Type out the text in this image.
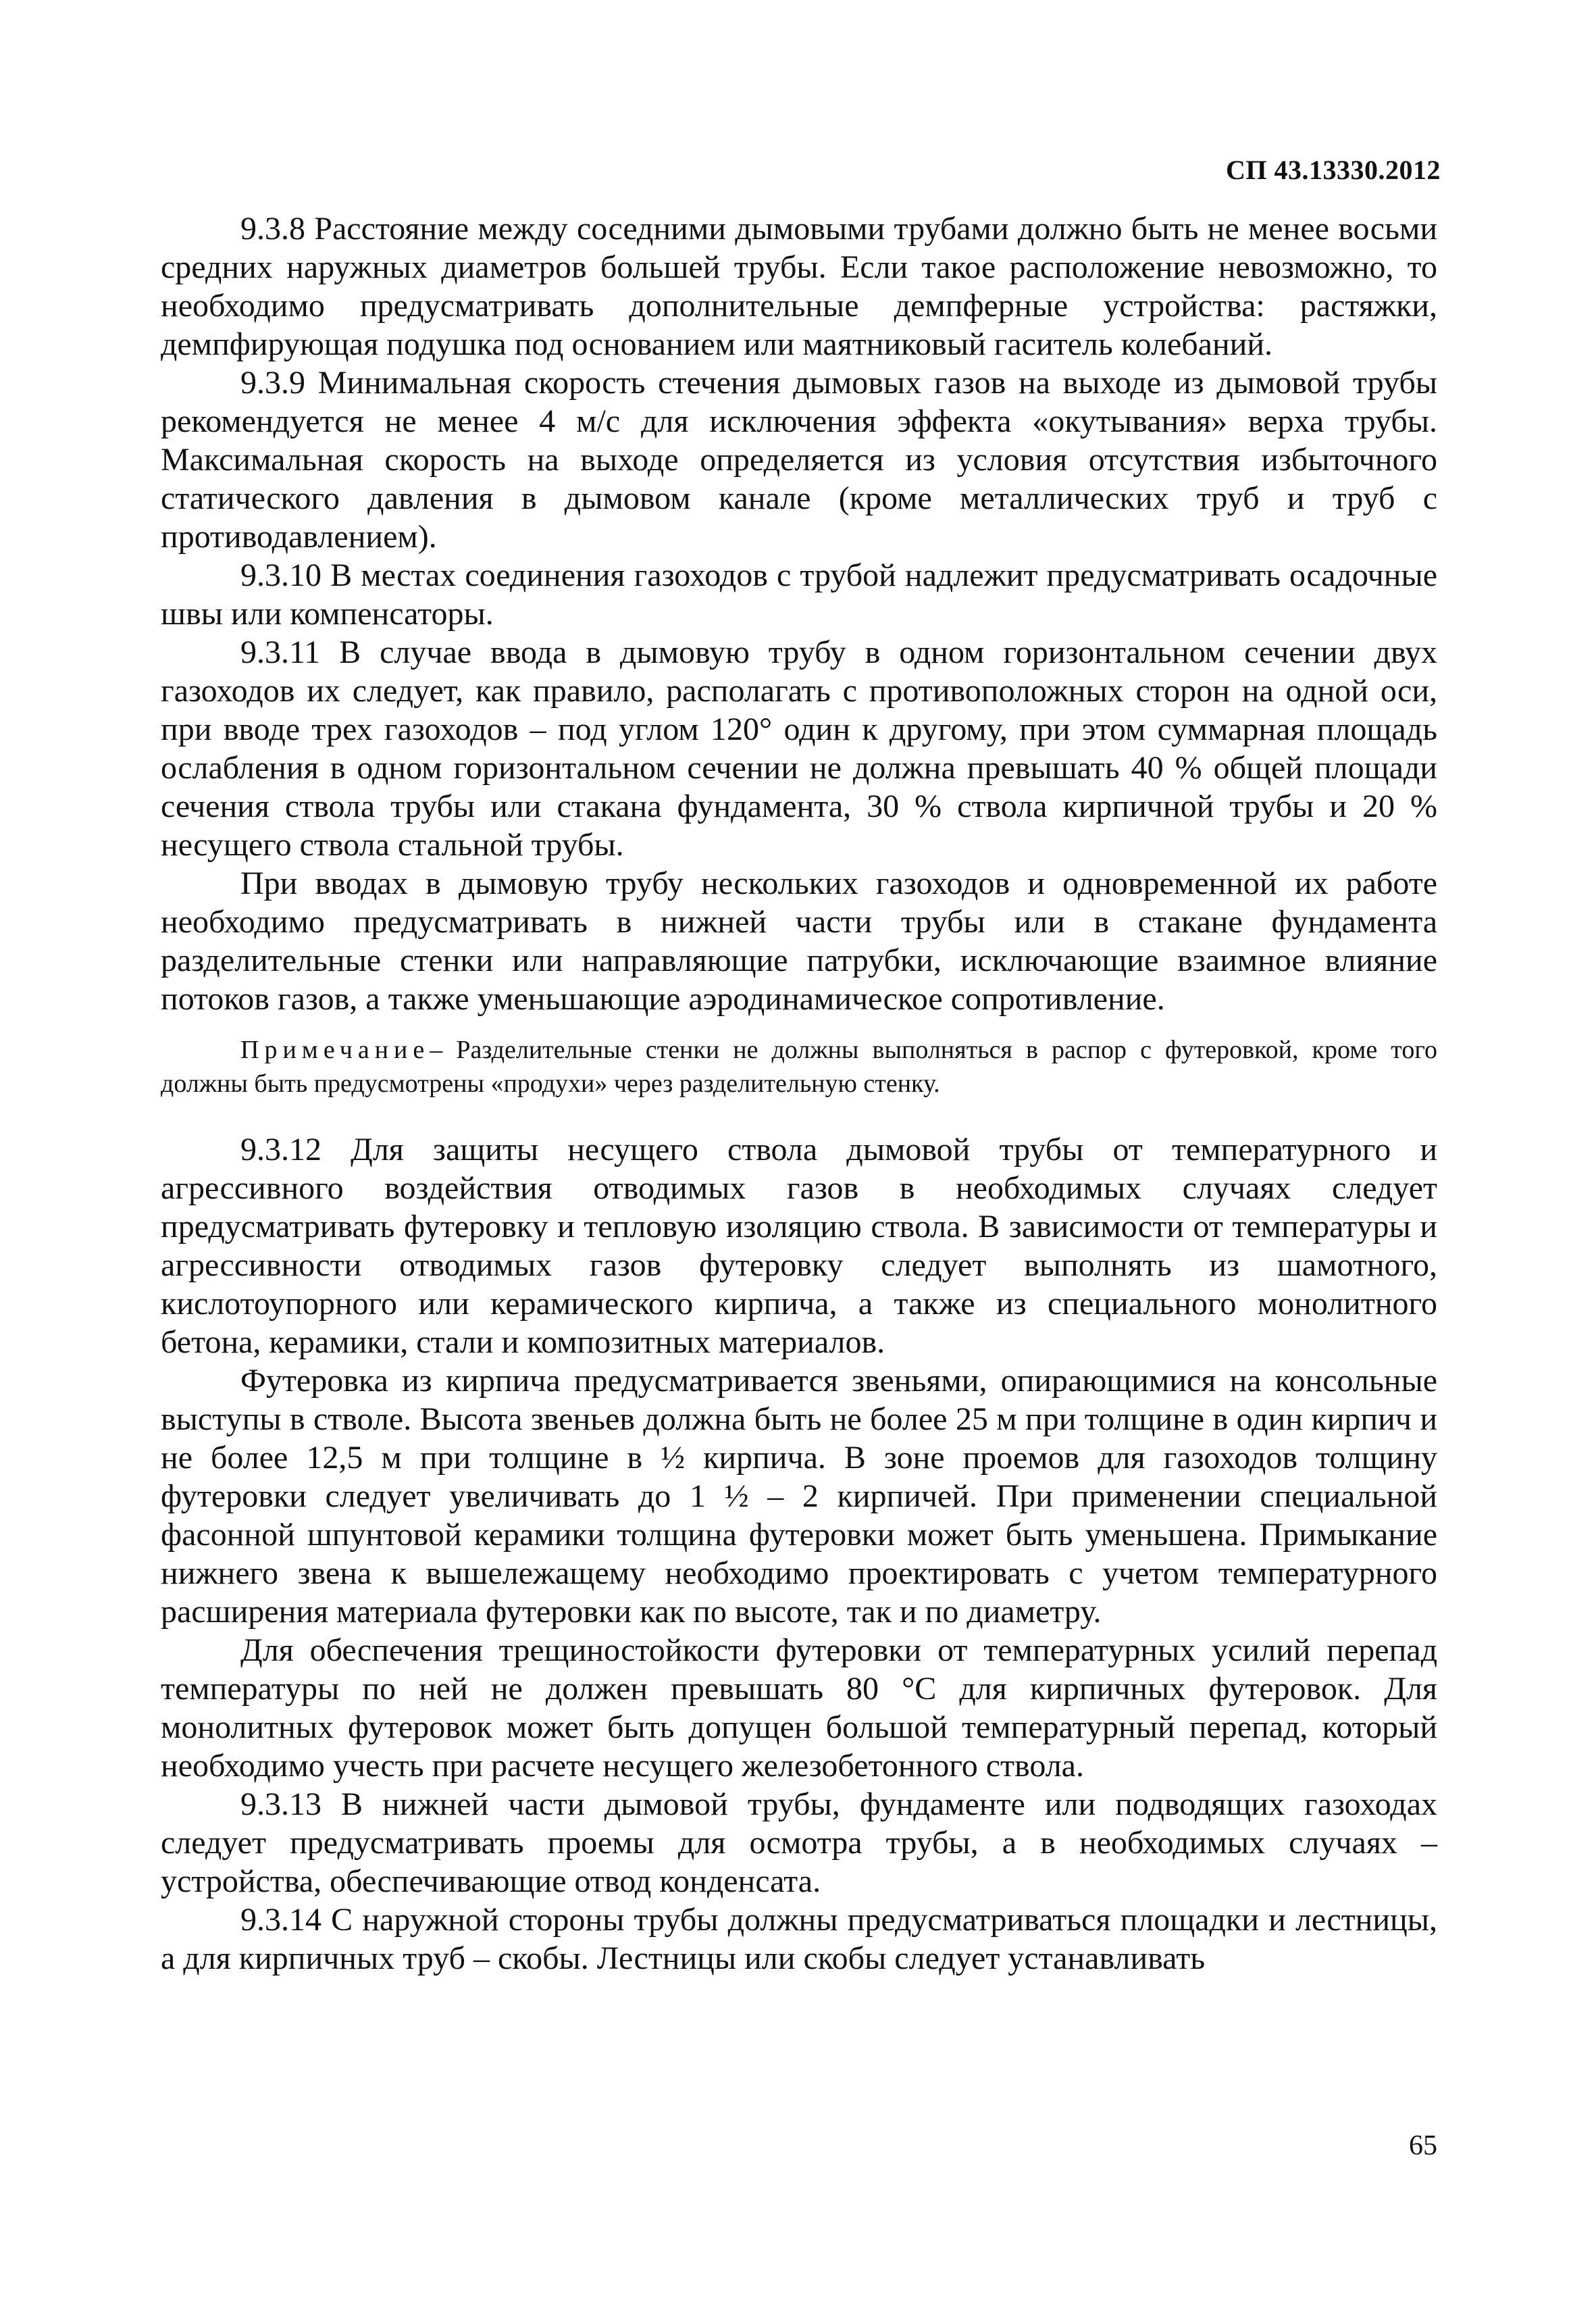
СП 43.13330.2012

9.3.8 Расстояние между соседними дымовыми трубами должно быть не менее восьми средних наружных диаметров большей трубы. Если такое расположение невозможно, то необходимо предусматривать дополнительные демпферные устройства: растяжки, демпфирующая подушка под основанием или маятниковый гаситель колебаний.

9.3.9 Минимальная скорость стечения дымовых газов на выходе из дымовой трубы рекомендуется не менее 4 м/с для исключения эффекта «окутывания» верха трубы. Максимальная скорость на выходе определяется из условия отсутствия избыточного статического давления в дымовом канале (кроме металлических труб и труб с противодавлением).

9.3.10 В местах соединения газоходов с трубой надлежит предусматривать осадочные швы или компенсаторы.

9.3.11 В случае ввода в дымовую трубу в одном горизонтальном сечении двух газоходов их следует, как правило, располагать с противоположных сторон на одной оси, при вводе трех газоходов – под углом 120° один к другому, при этом суммарная площадь ослабления в одном горизонтальном сечении не должна превышать 40 % общей площади сечения ствола трубы или стакана фундамента, 30 % ствола кирпичной трубы и 20 % несущего ствола стальной трубы.

При вводах в дымовую трубу нескольких газоходов и одновременной их работе необходимо предусматривать в нижней части трубы или в стакане фундамента разделительные стенки или направляющие патрубки, исключающие взаимное влияние потоков газов, а также уменьшающие аэродинамическое сопротивление.

Примечание– Разделительные стенки не должны выполняться в распор с футеровкой, кроме того должны быть предусмотрены «продухи» через разделительную стенку.

9.3.12 Для защиты несущего ствола дымовой трубы от температурного и агрессивного воздействия отводимых газов в необходимых случаях следует предусматривать футеровку и тепловую изоляцию ствола. В зависимости от температуры и агрессивности отводимых газов футеровку следует выполнять из шамотного, кислотоупорного или керамического кирпича, а также из специального монолитного бетона, керамики, стали и композитных материалов.

Футеровка из кирпича предусматривается звеньями, опирающимися на консольные выступы в стволе. Высота звеньев должна быть не более 25 м при толщине в один кирпич и не более 12,5 м при толщине в ½ кирпича. В зоне проемов для газоходов толщину футеровки следует увеличивать до 1 ½ – 2 кирпичей. При применении специальной фасонной шпунтовой керамики толщина футеровки может быть уменьшена. Примыкание нижнего звена к вышележащему необходимо проектировать с учетом температурного расширения материала футеровки как по высоте, так и по диаметру.

Для обеспечения трещиностойкости футеровки от температурных усилий перепад температуры по ней не должен превышать 80 °C для кирпичных футеровок. Для монолитных футеровок может быть допущен большой температурный перепад, который необходимо учесть при расчете несущего железобетонного ствола.

9.3.13 В нижней части дымовой трубы, фундаменте или подводящих газоходах следует предусматривать проемы для осмотра трубы, а в необходимых случаях – устройства, обеспечивающие отвод конденсата.

9.3.14 С наружной стороны трубы должны предусматриваться площадки и лестницы, а для кирпичных труб – скобы. Лестницы или скобы следует устанавливать

65
